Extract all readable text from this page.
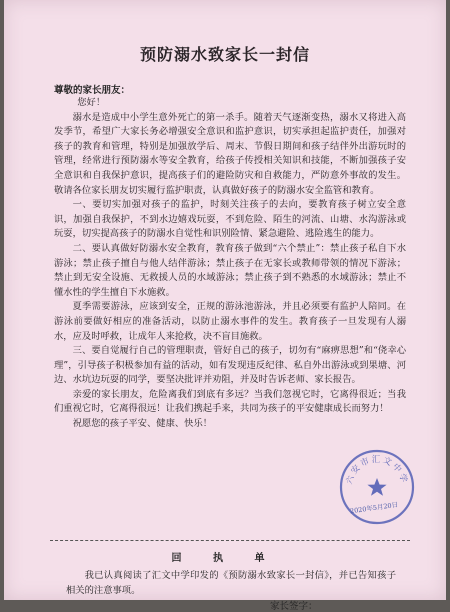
预防溺水致家长一封信
尊敬的家长朋友：

您好！

溺水是造成中小学生意外死亡的第一杀手。随着天气逐渐变热，溺水又将进入高发季节，希望广大家长务必增强安全意识和监护意识，切实承担起监护责任，加强对孩子的教育和管理，特别是加强放学后、周末、节假日期间和孩子结伴外出游玩时的管理，经常进行预防溺水等安全教育，给孩子传授相关知识和技能，不断加强孩子安全意识和自我保护意识，提高孩子们的避险防灾和自救能力，严防意外事故的发生。敬请各位家长朋友切实履行监护职责，认真做好孩子的防溺水安全监管和教育。

一、要切实加强对孩子的监护，时刻关注孩子的去向，要教育孩子树立安全意识，加强自我保护，不到水边嬉戏玩耍，不到危险、陌生的河流、山塘、水沟游泳或玩耍，切实提高孩子的防溺水自觉性和识别险情、紧急避险、逃险逃生的能力。

二、要认真做好防溺水安全教育，教育孩子做到“六个禁止”：禁止孩子私自下水游泳；禁止孩子擅自与他人结伴游泳；禁止孩子在无家长或教师带领的情况下游泳；禁止到无安全设施、无救援人员的水域游泳；禁止孩子到不熟悉的水域游泳；禁止不懂水性的学生擅自下水施救。

夏季需要游泳，应该到安全，正规的游泳池游泳，并且必须要有监护人陪同。在游泳前要做好相应的准备活动，以防止溺水事件的发生。教育孩子一旦发现有人溺水，应及时呼救，让成年人来抢救，决不盲目施救。

三、要自觉履行自己的管理职责，管好自己的孩子，切勿有“麻痹思想”和“侥幸心理”，引导孩子积极参加有益的活动，如有发现违反纪律、私自外出游泳或到果塘、河边、水坑边玩耍的同学，要坚决批评并劝阻，并及时告诉老师、家长报告。

亲爱的家长朋友，危险离我们到底有多远？当我们忽视它时，它离得很近；当我们重视它时，它离得很远！让我们携起手来，共同为孩子的平安健康成长而努力！

祝愿您的孩子平安、健康、快乐！

六安市汇文中学
2020年5月20日
回 执 单
我已认真阅读了汇文中学印发的《预防溺水致家长一封信》，并已告知孩子相关的注意事项。
家长签字：
